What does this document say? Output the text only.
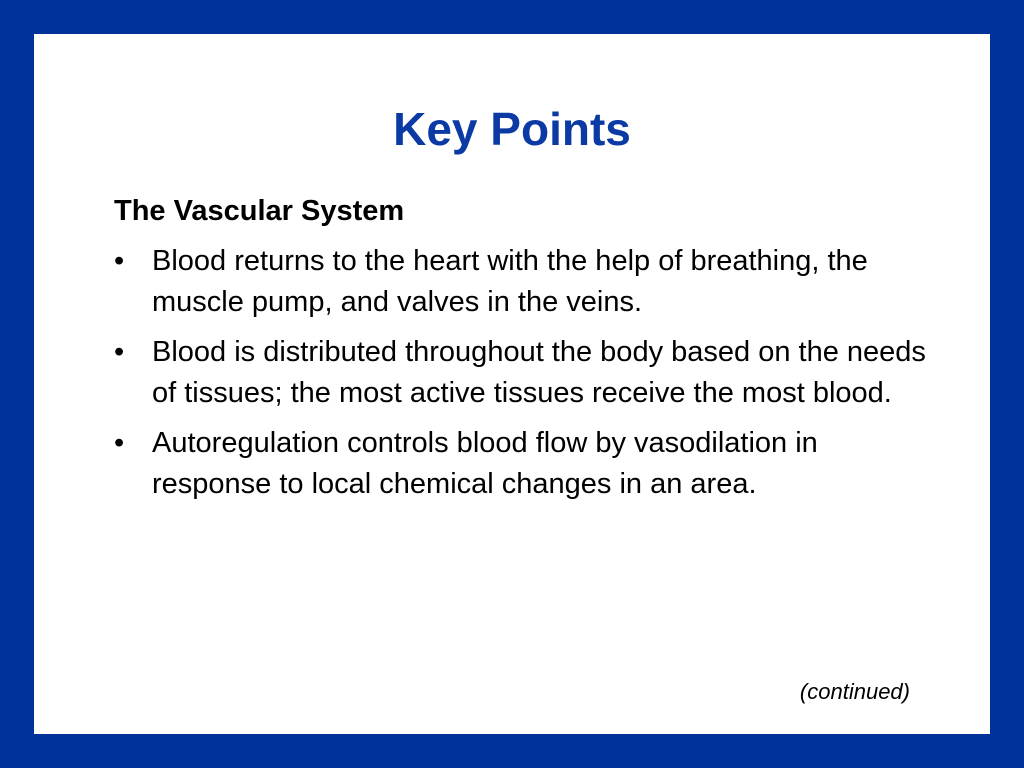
Key Points
The Vascular System
• Blood returns to the heart with the help of breathing, the muscle pump, and valves in the veins.
• Blood is distributed throughout the body based on the needs of tissues; the most active tissues receive the most blood.
• Autoregulation controls blood flow by vasodilation in response to local chemical changes in an area.

(continued)
